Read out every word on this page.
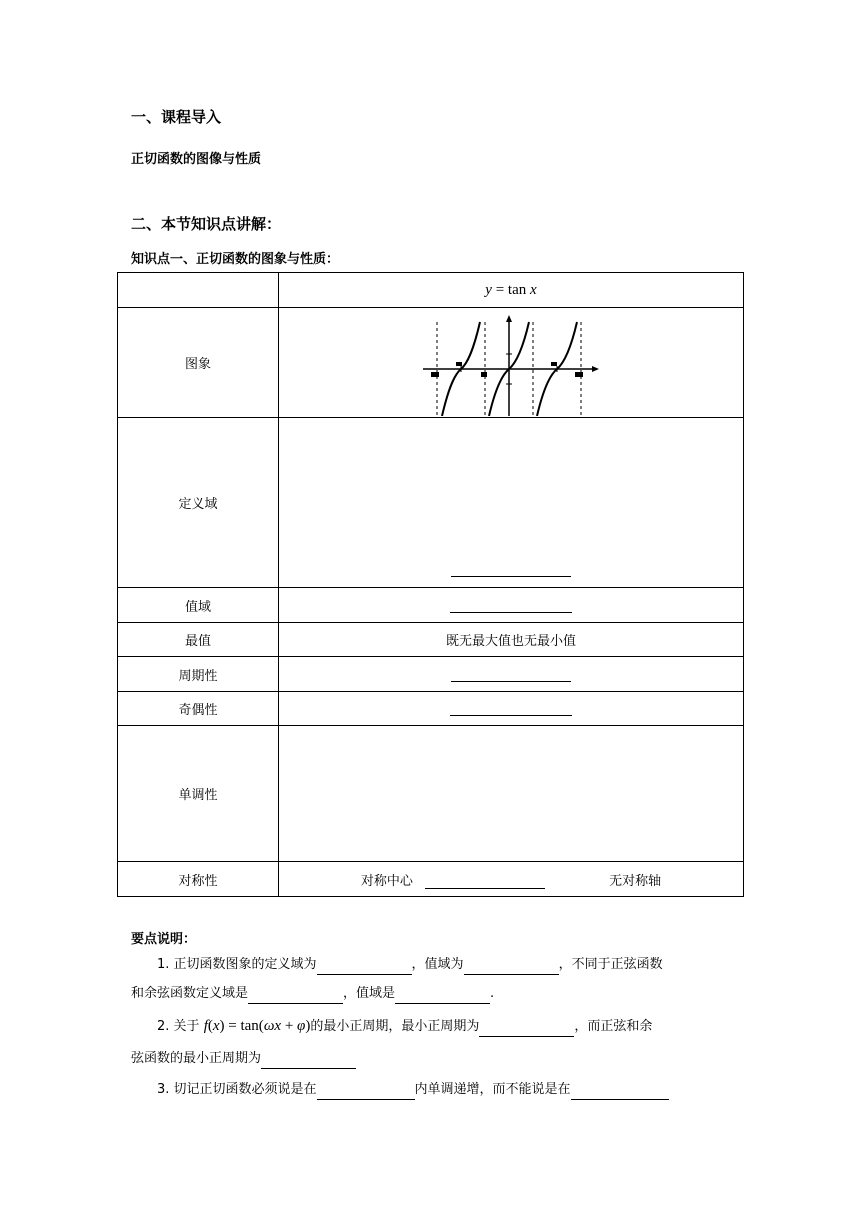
一、课程导入
正切函数的图像与性质
二、本节知识点讲解：
知识点一、正切函数的图象与性质：
	y = tan x
图象	

定义域	
值域	
最值	既无最大值也无最小值
周期性	
奇偶性	
单调性	
对称性	对称中心 无对称轴
要点说明：
1. 正切函数图象的定义域为	，值域为	，不同于正弦函数
和余弦函数定义域是	，值域是	.
2. 关于 f(x) = tan(ωx + φ)的最小正周期，最小正周期为	，而正弦和余
弦函数的最小正周期为
3. 切记正切函数必须说是在	内单调递增，而不能说是在
